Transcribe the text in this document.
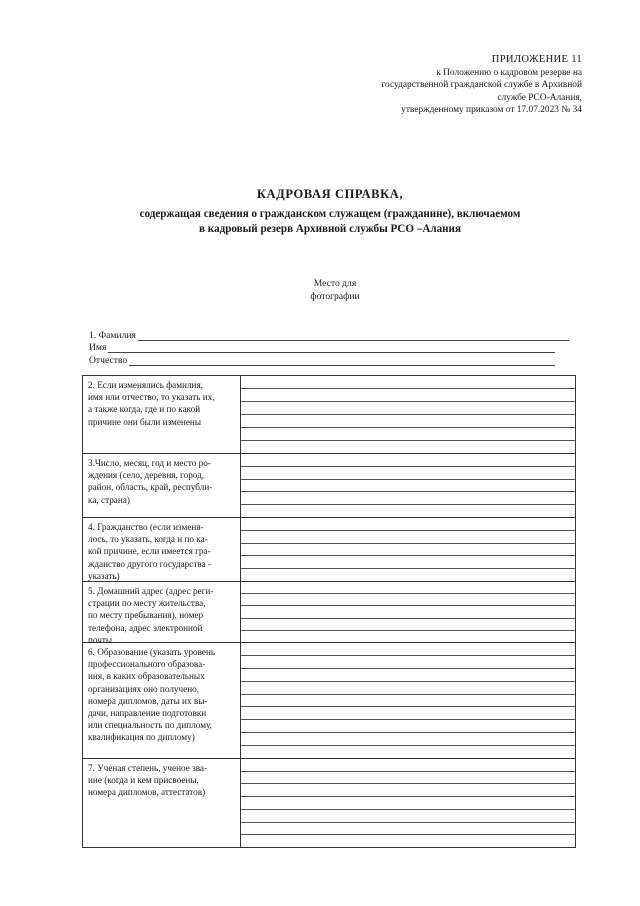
ПРИЛОЖЕНИЕ 11
к Положению о кадровом резерве на
государственной гражданской службе в Архивной
службе РСО-Алания,
утвержденному приказом от 17.07.2023 № 34
КАДРОВАЯ СПРАВКА,
содержащая сведения о гражданском служащем (гражданине), включаемом
в кадровый резерв Архивной службы РСО –Алания
Место для
фотографии
1. Фамилия
Имя
Отчество
2. Если изменялись фамилия,
имя или отчество, то указать их,
а также когда, где и по какой
причине они были изменены
3.Число, месяц, год и место ро-
ждения (село, деревня, город,
район, область, край, республи-
ка, страна)
4. Гражданство (если изменя-
лось, то указать, когда и по ка-
кой причине, если имеется гра-
жданство другого государства -
указать)
5. Домашний адрес (адрес реги-
страции по месту жительства,
по месту пребывания), номер
телефона, адрес электронной
почты
6. Образование (указать уровень
профессионального образова-
ния, в каких образовательных
организациях оно получено,
номера дипломов, даты их вы-
дачи, направление подготовки
или специальность по диплому,
квалификация по диплому)
7. Ученая степень, ученое зва-
ние (когда и кем присвоены,
номера дипломов, аттестатов)
